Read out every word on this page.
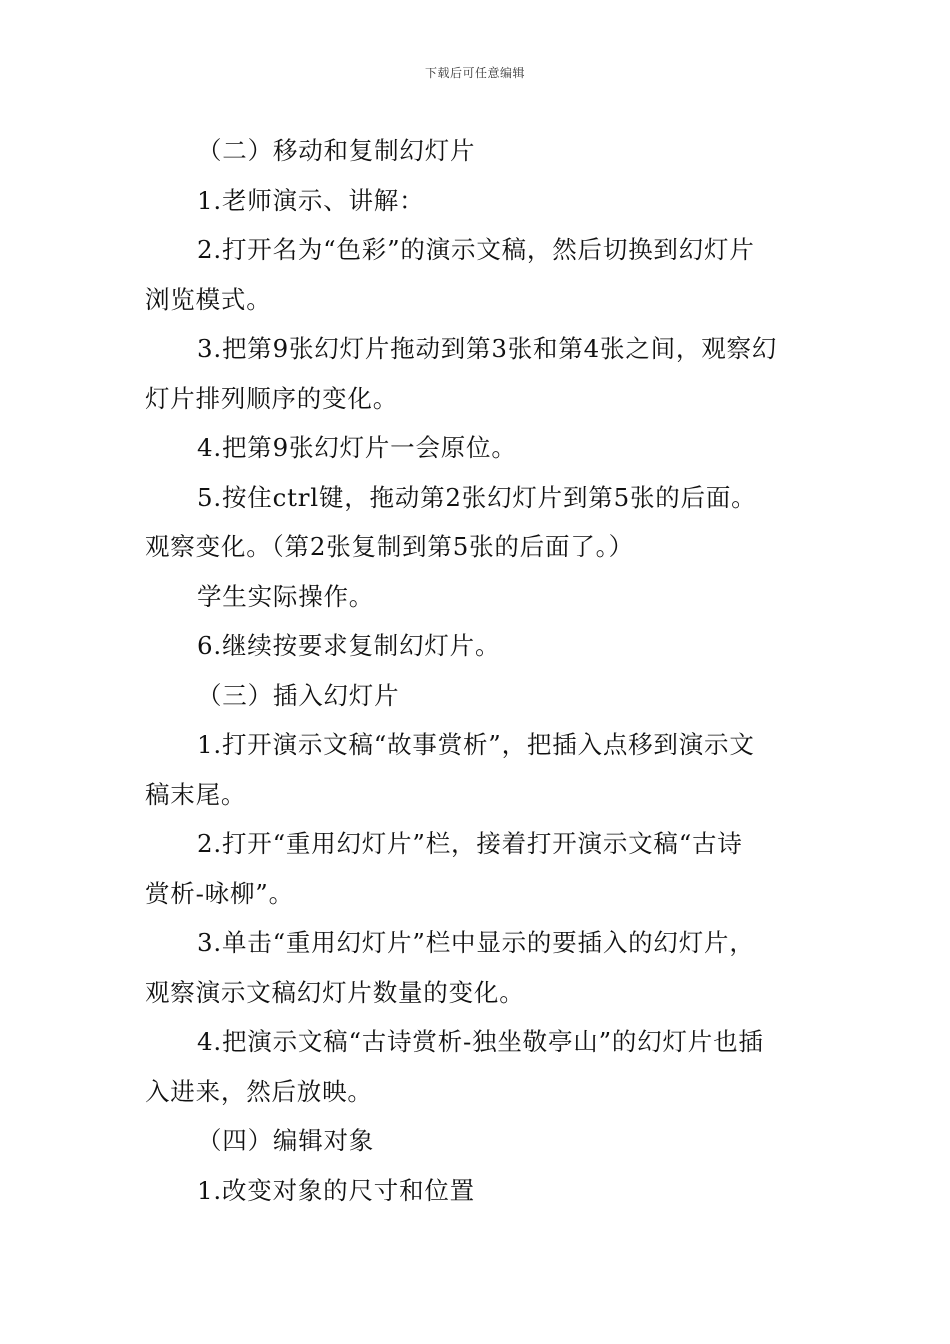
下载后可任意编辑
（二）移动和复制幻灯片
1.老师演示、讲解：
2.打开名为“色彩”的演示文稿，然后切换到幻灯片
浏览模式。
3.把第9张幻灯片拖动到第3张和第4张之间，观察幻
灯片排列顺序的变化。
4.把第9张幻灯片一会原位。
5.按住ctrl键，拖动第2张幻灯片到第5张的后面。
观察变化。（第2张复制到第5张的后面了。）
学生实际操作。
6.继续按要求复制幻灯片。
（三）插入幻灯片
1.打开演示文稿“故事赏析”，把插入点移到演示文
稿末尾。
2.打开“重用幻灯片”栏，接着打开演示文稿“古诗
赏析-咏柳”。
3.单击“重用幻灯片”栏中显示的要插入的幻灯片，
观察演示文稿幻灯片数量的变化。
4.把演示文稿“古诗赏析-独坐敬亭山”的幻灯片也插
入进来，然后放映。
（四）编辑对象
1.改变对象的尺寸和位置
